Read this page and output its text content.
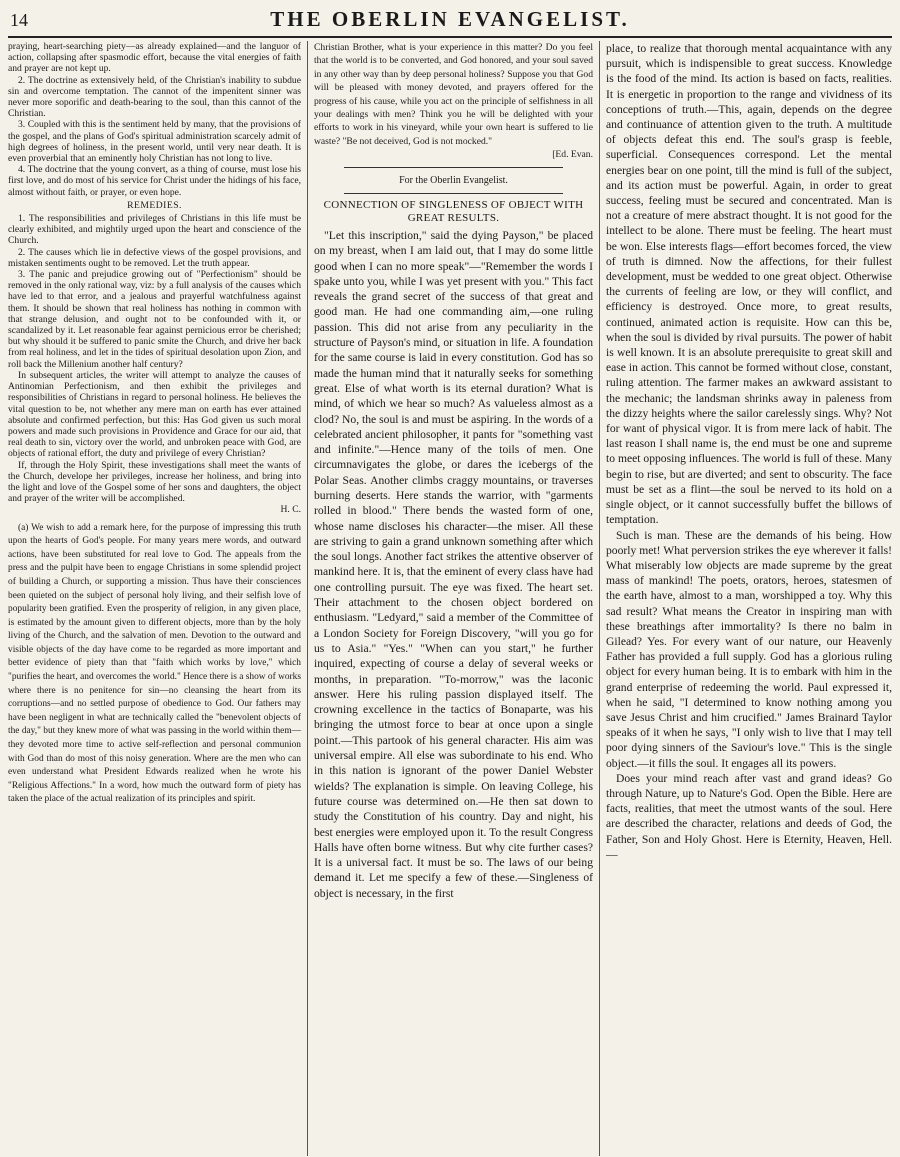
14	THE OBERLIN EVANGELIST.

praying, heart-searching piety—as already explained—and the languor of action, collapsing after spasmodic effort, because the vital energies of faith and prayer are not kept up.

2. The doctrine as extensively held, of the Christian's inability to subdue sin and overcome temptation. The cannot of the impenitent sinner was never more soporific and death-bearing to the soul, than this cannot of the Christian.

3. Coupled with this is the sentiment held by many, that the provisions of the gospel, and the plans of God's spiritual administration scarcely admit of high degrees of holiness, in the present world, until very near death. It is even proverbial that an eminently holy Christian has not long to live.

4. The doctrine that the young convert, as a thing of course, must lose his first love, and do most of his service for Christ under the hidings of his face, almost without faith, or prayer, or even hope.

REMEDIES.

1. The responsibilities and privileges of Christians in this life must be clearly exhibited, and mightily urged upon the heart and conscience of the Church.

2. The causes which lie in defective views of the gospel provisions, and mistaken sentiments ought to be removed. Let the truth appear.

3. The panic and prejudice growing out of "Perfectionism" should be removed in the only rational way, viz: by a full analysis of the causes which have led to that error, and a jealous and prayerful watchfulness against them. It should be shown that real holiness has nothing in common with that strange delusion, and ought not to be confounded with it, or scandalized by it. Let reasonable fear against pernicious error be cherished; but why should it be suffered to panic smite the Church, and drive her back from real holiness, and let in the tides of spiritual desolation upon Zion, and roll back the Millenium another half century?

In subsequent articles, the writer will attempt to analyze the causes of Antinomian Perfectionism, and then exhibit the privileges and responsibilities of Christians in regard to personal holiness. He believes the vital question to be, not whether any mere man on earth has ever attained absolute and confirmed perfection, but this: Has God given us such moral powers and made such provisions in Providence and Grace for our aid, that real death to sin, victory over the world, and unbroken peace with God, are objects of rational effort, the duty and privilege of every Christian?

If, through the Holy Spirit, these investigations shall meet the wants of the Church, develope her privileges, increase her holiness, and bring into the light and love of the Gospel some of her sons and daughters, the object and prayer of the writer will be accomplished.

H. C.

(a) We wish to add a remark here, for the purpose of impressing this truth upon the hearts of God's people. For many years mere words, and outward actions, have been substituted for real love to God. The appeals from the press and the pulpit have been to engage Christians in some splendid project of building a Church, or supporting a mission. Thus have their consciences been quieted on the subject of personal holy living, and their selfish love of popularity been gratified. Even the prosperity of religion, in any given place, is estimated by the amount given to different objects, more than by the holy living of the Church, and the salvation of men. Devotion to the outward and visible objects of the day have come to be regarded as more important and better evidence of piety than that "faith which works by love," which "purifies the heart, and overcomes the world." Hence there is a show of works where there is no penitence for sin—no cleansing the heart from its corruptions—and no settled purpose of obedience to God. Our fathers may have been negligent in what are technically called the "benevolent objects of the day," but they knew more of what was passing in the world within them—they devoted more time to active self-reflection and personal communion with God than do most of this noisy generation. Where are the men who can even understand what President Edwards realized when he wrote his "Religious Affections." In a word, how much the outward form of piety has taken the place of the actual realization of its principles and spirit.

Christian Brother, what is your experience in this matter? Do you feel that the world is to be converted, and God honored, and your soul saved in any other way than by deep personal holiness? Suppose you that God will be pleased with money devoted, and prayers offered for the progress of his cause, while you act on the principle of selfishness in all your dealings with men? Think you he will be delighted with your efforts to work in his vineyard, while your own heart is suffered to lie waste? "Be not deceived, God is not mocked."

[Ed. Evan.
For the Oberlin Evangelist.
CONNECTION OF SINGLENESS OF OBJECT WITH GREAT RESULTS.

"Let this inscription," said the dying Payson," be placed on my breast, when I am laid out, that I may do some little good when I can no more speak"—"Remember the words I spake unto you, while I was yet present with you." This fact reveals the grand secret of the success of that great and good man. He had one commanding aim,—one ruling passion. This did not arise from any peculiarity in the structure of Payson's mind, or situation in life. A foundation for the same course is laid in every constitution. God has so made the human mind that it naturally seeks for something great. Else of what worth is its eternal duration? What is mind, of which we hear so much? As valueless almost as a clod? No, the soul is and must be aspiring. In the words of a celebrated ancient philosopher, it pants for "something vast and infinite."—Hence many of the toils of men. One circumnavigates the globe, or dares the icebergs of the Polar Seas. Another climbs craggy mountains, or traverses burning deserts. Here stands the warrior, with "garments rolled in blood." There bends the wasted form of one, whose name discloses his character—the miser. All these are striving to gain a grand unknown something after which the soul longs. Another fact strikes the attentive observer of mankind here. It is, that the eminent of every class have had one controlling pursuit. The eye was fixed. The heart set. Their attachment to the chosen object bordered on enthusiasm. "Ledyard," said a member of the Committee of a London Society for Foreign Discovery, "will you go for us to Asia." "Yes." "When can you start," he further inquired, expecting of course a delay of several weeks or months, in preparation. "To-morrow," was the laconic answer. Here his ruling passion displayed itself. The crowning excellence in the tactics of Bonaparte, was his bringing the utmost force to bear at once upon a single point.—This partook of his general character. His aim was universal empire. All else was subordinate to his end. Who in this nation is ignorant of the power Daniel Webster wields? The explanation is simple. On leaving College, his future course was determined on.—He then sat down to study the Constitution of his country. Day and night, his best energies were employed upon it. To the result Congress Halls have often borne witness. But why cite further cases? It is a universal fact. It must be so. The laws of our being demand it. Let me specify a few of these.—Singleness of object is necessary, in the first

place, to realize that thorough mental acquaintance with any pursuit, which is indispensible to great success. Knowledge is the food of the mind. Its action is based on facts, realities. It is energetic in proportion to the range and vividness of its conceptions of truth.—This, again, depends on the degree and continuance of attention given to the truth. A multitude of objects defeat this end. The soul's grasp is feeble, superficial. Consequences correspond. Let the mental energies bear on one point, till the mind is full of the subject, and its action must be powerful. Again, in order to great success, feeling must be secured and concentrated. Man is not a creature of mere abstract thought. It is not good for the intellect to be alone. There must be feeling. The heart must be won. Else interests flags—effort becomes forced, the view of truth is dimned. Now the affections, for their fullest development, must be wedded to one great object. Otherwise the currents of feeling are low, or they will conflict, and efficiency is destroyed. Once more, to great results, continued, animated action is requisite. How can this be, when the soul is divided by rival pursuits. The power of habit is well known. It is an absolute prerequisite to great skill and ease in action. This cannot be formed without close, constant, ruling attention. The farmer makes an awkward assistant to the mechanic; the landsman shrinks away in paleness from the dizzy heights where the sailor carelessly sings. Why? Not for want of physical vigor. It is from mere lack of habit. The last reason I shall name is, the end must be one and supreme to meet opposing influences. The world is full of these. Many begin to rise, but are diverted; and sent to obscurity. The face must be set as a flint—the soul be nerved to its hold on a single object, or it cannot successfully buffet the billows of temptation.

Such is man. These are the demands of his being. How poorly met! What perversion strikes the eye wherever it falls! What miserably low objects are made supreme by the great mass of mankind! The poets, orators, heroes, statesmen of the earth have, almost to a man, worshipped a toy. Why this sad result? What means the Creator in inspiring man with these breathings after immortality? Is there no balm in Gilead? Yes. For every want of our nature, our Heavenly Father has provided a full supply. God has a glorious ruling object for every human being. It is to embark with him in the grand enterprise of redeeming the world. Paul expressed it, when he said, "I determined to know nothing among you save Jesus Christ and him crucified." James Brainard Taylor speaks of it when he says, "I only wish to live that I may tell poor dying sinners of the Saviour's love." This is the single object.—it fills the soul. It engages all its powers.

Does your mind reach after vast and grand ideas? Go through Nature, up to Nature's God. Open the Bible. Here are facts, realities, that meet the utmost wants of the soul. Here are described the character, relations and deeds of God, the Father, Son and Holy Ghost. Here is Eternity, Heaven, Hell.—
